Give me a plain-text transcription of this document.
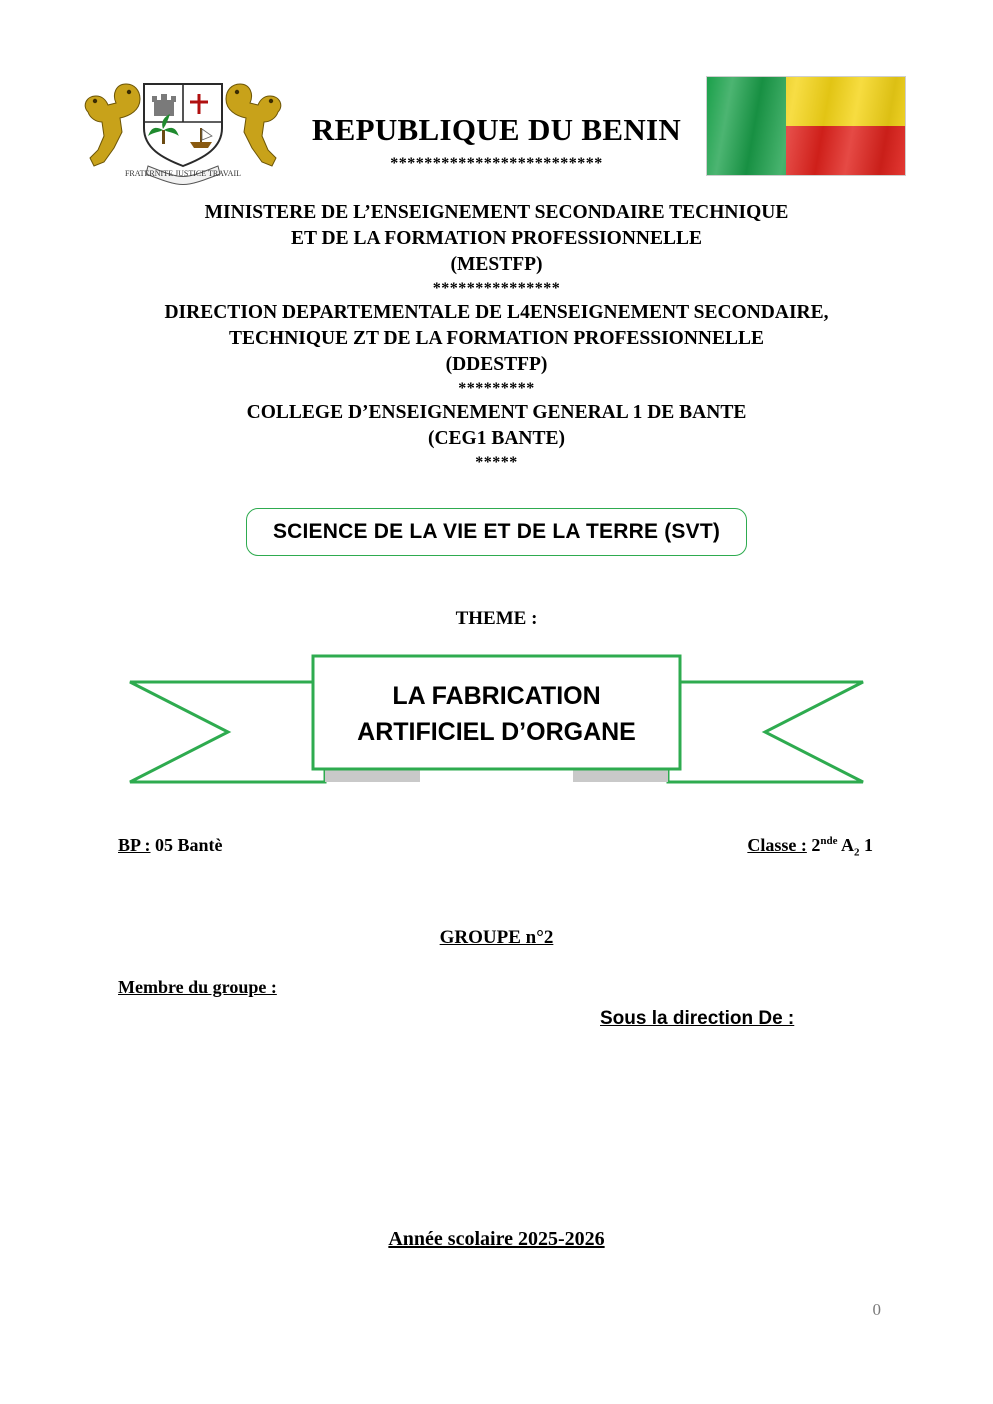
FRATERNITE JUSTICE TRAVAIL
REPUBLIQUE DU BENIN
*************************
MINISTERE DE L’ENSEIGNEMENT SECONDAIRE TECHNIQUE
ET DE LA FORMATION PROFESSIONNELLE
(MESTFP)
***************
DIRECTION DEPARTEMENTALE DE L4ENSEIGNEMENT SECONDAIRE,
TECHNIQUE ZT DE LA FORMATION PROFESSIONNELLE
(DDESTFP)
*********
COLLEGE D’ENSEIGNEMENT GENERAL 1 DE BANTE
(CEG1 BANTE)
*****
SCIENCE DE LA VIE ET DE LA TERRE (SVT)
THEME :
LA FABRICATION
ARTIFICIEL D’ORGANE
BP : 05 Bantè	Classe : 2nde $A_2$ 1
GROUPE n°2
Membre du groupe :
Sous la direction De :
Année scolaire 2025-2026
0
